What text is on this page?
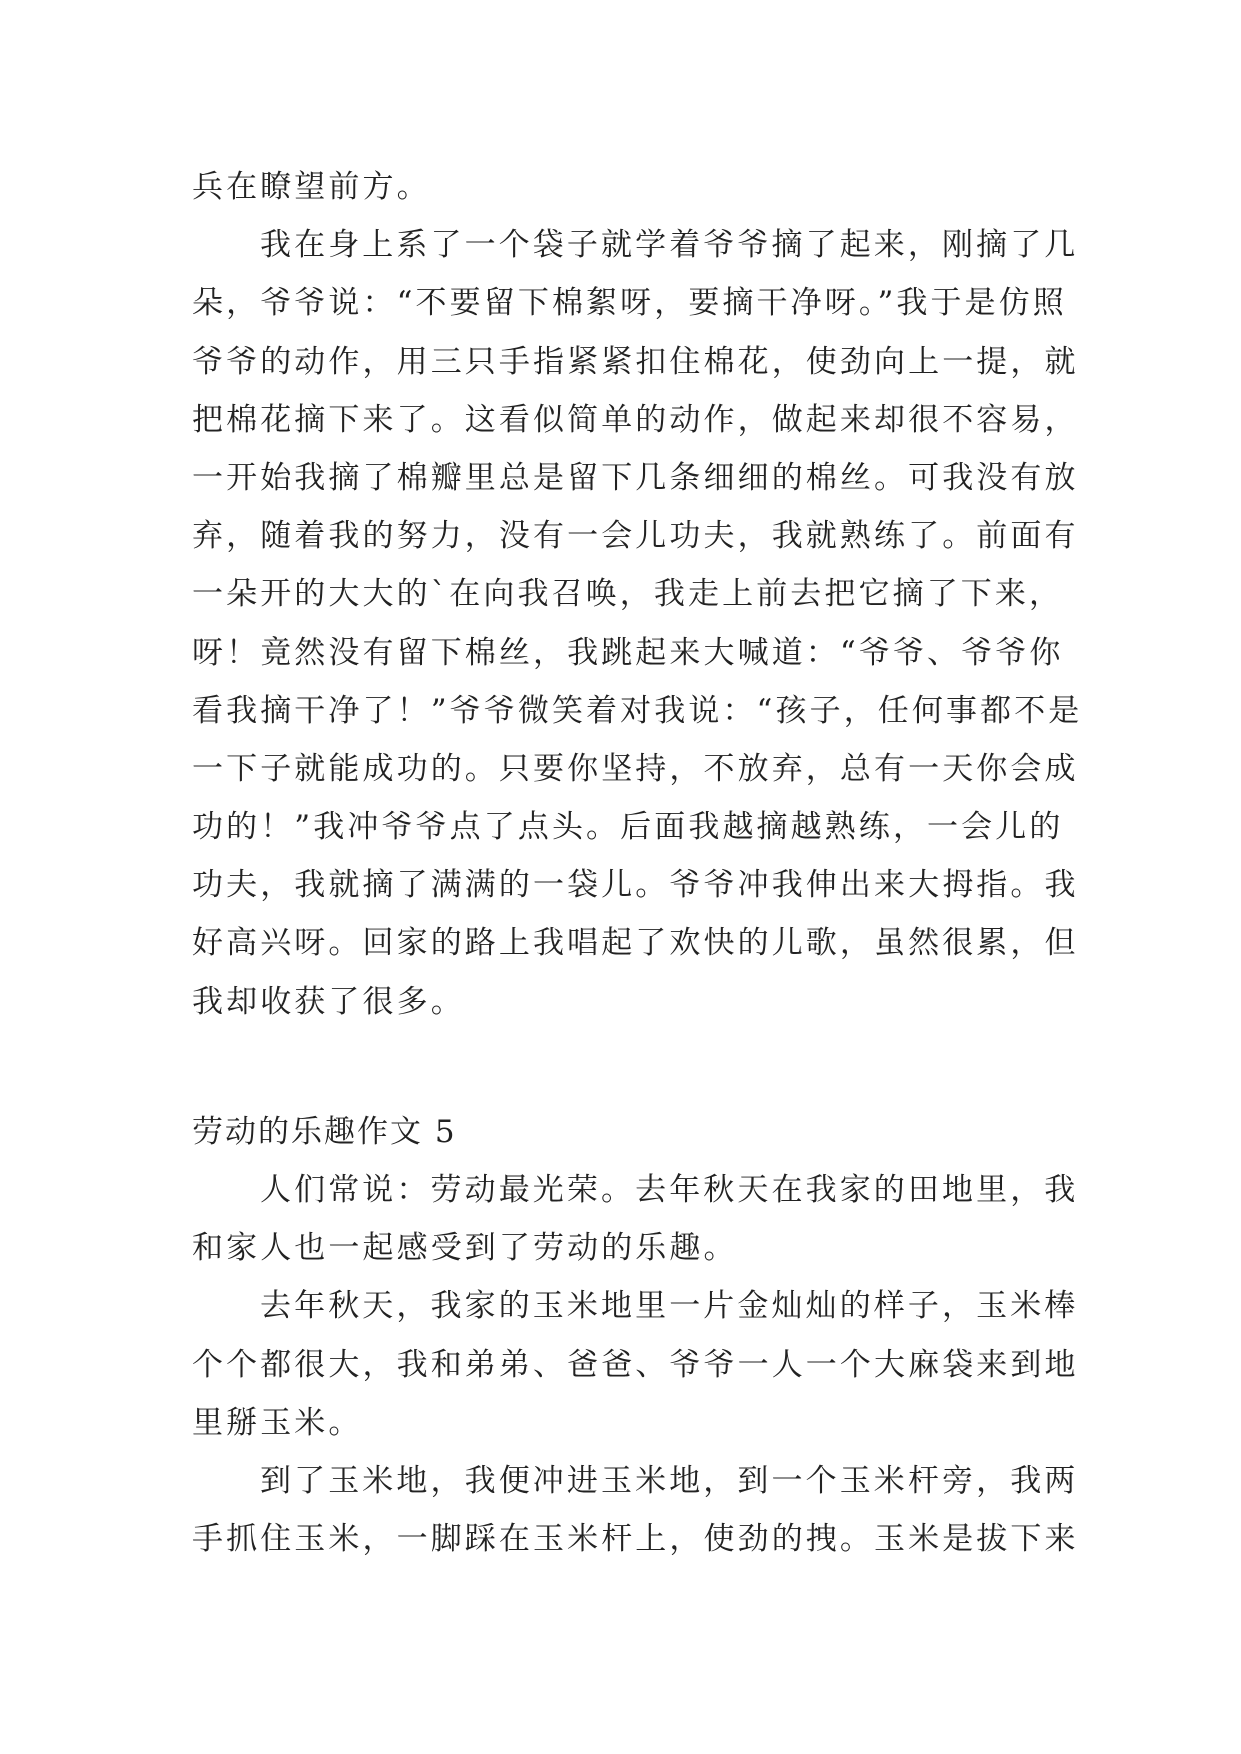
兵在瞭望前方。
我在身上系了一个袋子就学着爷爷摘了起来，刚摘了几
朵，爷爷说：“不要留下棉絮呀，要摘干净呀。”我于是仿照
爷爷的动作，用三只手指紧紧扣住棉花，使劲向上一提，就
把棉花摘下来了。这看似简单的动作，做起来却很不容易，
一开始我摘了棉瓣里总是留下几条细细的棉丝。可我没有放
弃，随着我的努力，没有一会儿功夫，我就熟练了。前面有
一朵开的大大的`在向我召唤，我走上前去把它摘了下来，
呀！竟然没有留下棉丝，我跳起来大喊道：“爷爷、爷爷你
看我摘干净了！”爷爷微笑着对我说：“孩子，任何事都不是
一下子就能成功的。只要你坚持，不放弃，总有一天你会成
功的！”我冲爷爷点了点头。后面我越摘越熟练，一会儿的
功夫，我就摘了满满的一袋儿。爷爷冲我伸出来大拇指。我
好高兴呀。回家的路上我唱起了欢快的儿歌，虽然很累，但
我却收获了很多。
劳动的乐趣作文 5
人们常说：劳动最光荣。去年秋天在我家的田地里，我
和家人也一起感受到了劳动的乐趣。
去年秋天，我家的玉米地里一片金灿灿的样子，玉米棒
个个都很大，我和弟弟、爸爸、爷爷一人一个大麻袋来到地
里掰玉米。
到了玉米地，我便冲进玉米地，到一个玉米杆旁，我两
手抓住玉米，一脚踩在玉米杆上，使劲的拽。玉米是拔下来
